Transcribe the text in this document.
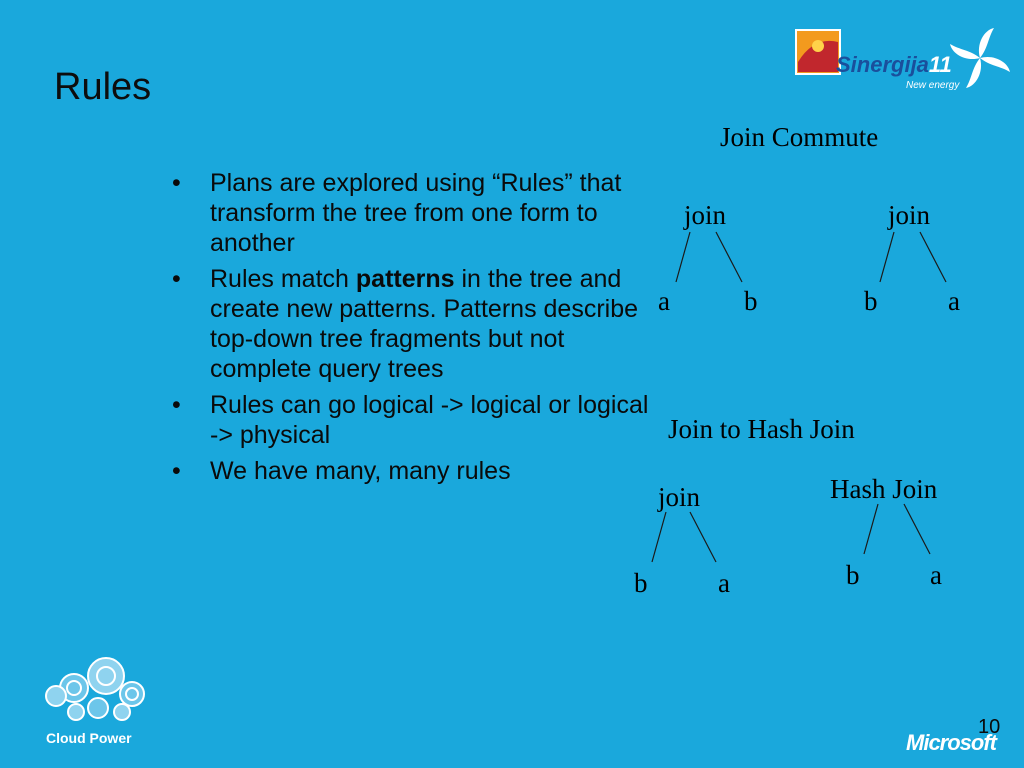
Rules
• Plans are explored using “Rules” that transform the tree from one form to another
• Rules match patterns in the tree and create new patterns. Patterns describe top-down tree fragments but not complete query trees
• Rules can go logical -> logical or logical -> physical
• We have many, many rules
Join Commute
join
a	b
join
b	a
Join to Hash Join
join
b	a
Hash Join
b	a
Sinergija11
New energy
Cloud Power	10
Microsoft
